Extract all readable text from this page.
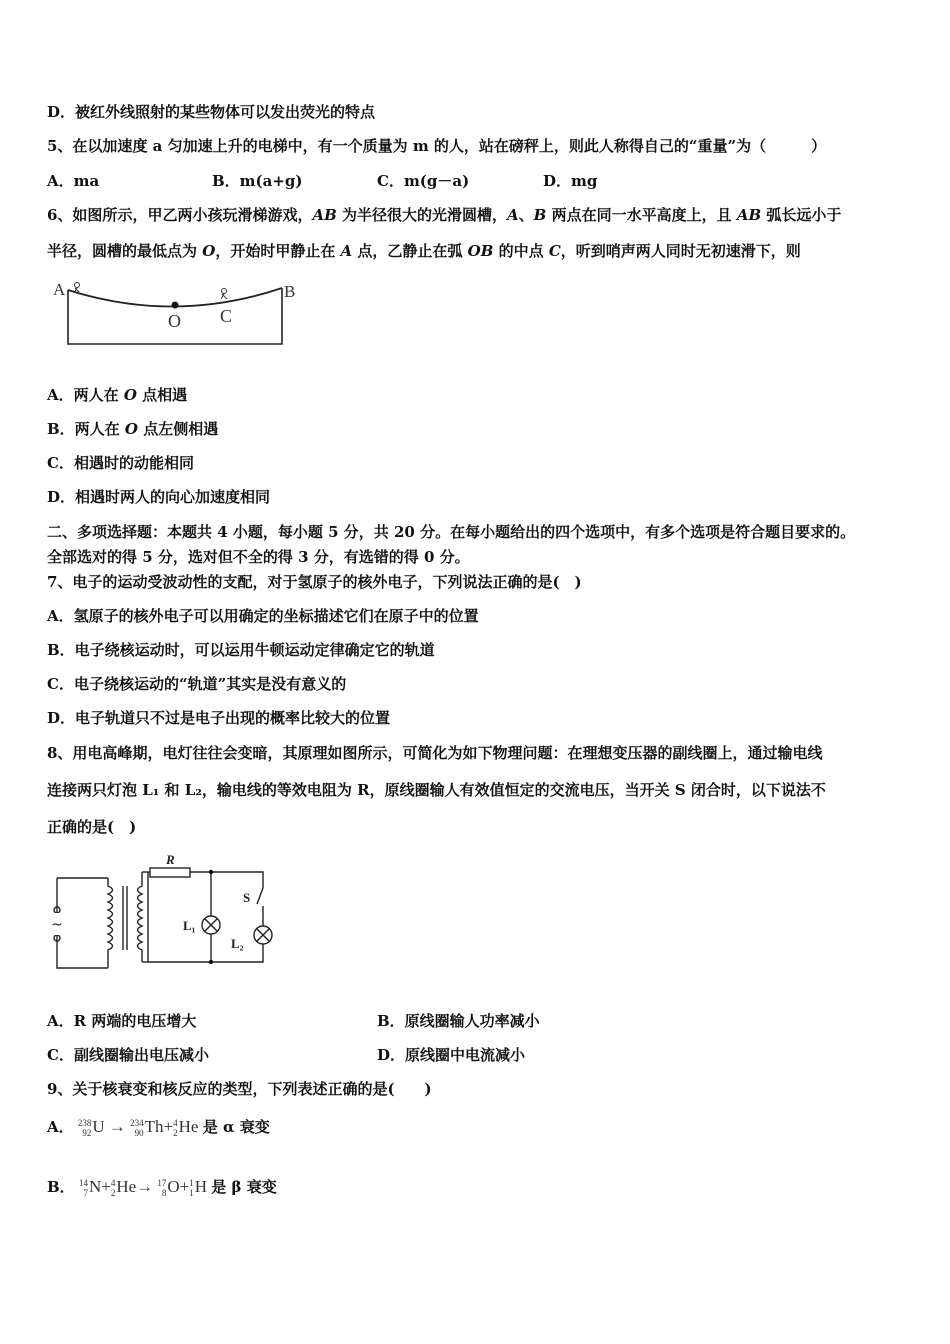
D．被红外线照射的某些物体可以发出荧光的特点
5、在以加速度 a 匀加速上升的电梯中，有一个质量为 m 的人，站在磅秤上，则此人称得自己的“重量”为（　　　）
A．ma	B．m(a+g)	C．m(g－a)	D．mg
6、如图所示，甲乙两小孩玩滑梯游戏，AB 为半径很大的光滑圆槽，A、B 两点在同一水平高度上，且 AB 弧长远小于
半径，圆槽的最低点为 O，开始时甲静止在 A 点，乙静止在弧 OB 的中点 C，听到哨声两人同时无初速滑下，则
A	B
O C
A．两人在 O 点相遇
B．两人在 O 点左侧相遇
C．相遇时的动能相同
D．相遇时两人的向心加速度相同
二、多项选择题：本题共 4 小题，每小题 5 分，共 20 分。在每小题给出的四个选项中，有多个选项是符合题目要求的。
全部选对的得 5 分，选对但不全的得 3 分，有选错的得 0 分。
7、电子的运动受波动性的支配，对于氢原子的核外电子，下列说法正确的是(　)
A．氢原子的核外电子可以用确定的坐标描述它们在原子中的位置
B．电子绕核运动时，可以运用牛顿运动定律确定它的轨道
C．电子绕核运动的“轨道”其实是没有意义的
D．电子轨道只不过是电子出现的概率比较大的位置
8、用电高峰期，电灯往往会变暗，其原理如图所示，可简化为如下物理问题：在理想变压器的副线圈上，通过输电线
连接两只灯泡 L₁ 和 L₂，输电线的等效电阻为 R，原线圈输人有效值恒定的交流电压，当开关 S 闭合时，以下说法不
正确的是(　)
~
R
S
L₁
L₂
A．R 两端的电压增大	B．原线圈输人功率减小
C．副线圈输出电压减小	D．原线圈中电流减小
9、关于核衰变和核反应的类型，下列表述正确的是(　　)
A． 238
92 U → 234
90 Th+ 4
2 He 是 α 衰变
B． 14
7 N+ 4
2 He→ 17
8 O+ 1
1 H 是 β 衰变
